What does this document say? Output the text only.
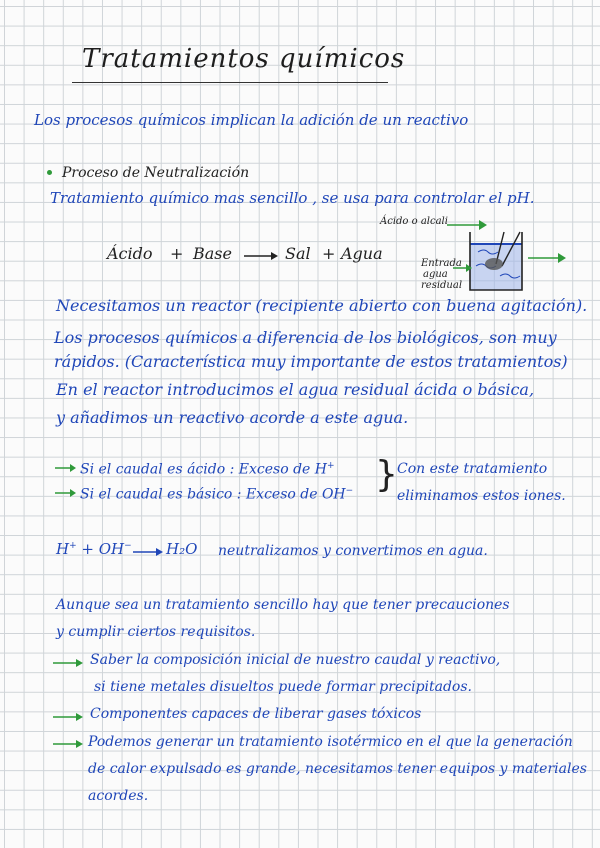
Tratamientos químicos
Los procesos químicos implican la adición de un reactivo
Proceso de Neutralización
Tratamiento químico mas sencillo , se usa para controlar el pH.
Ácido + Base	Sal + Agua
Ácido o alcali
Entrada
agua
residual
Necesitamos un reactor (recipiente abierto con buena agitación).
Los procesos químicos a diferencia de los biológicos, son muy
rápidos. (Característica muy importante de estos tratamientos)
En el reactor introducimos el agua residual ácida o básica,
y añadimos un reactivo acorde a este agua.
Si el caudal es ácido : Exceso de H+
Si el caudal es básico : Exceso de OH− } Con este tratamiento
eliminamos estos iones.
H+ + OH− → H₂O neutralizamos y convertimos en agua.
Aunque sea un tratamiento sencillo hay que tener precauciones
y cumplir ciertos requisitos.
Saber la composición inicial de nuestro caudal y reactivo,
si tiene metales disueltos puede formar precipitados.
Componentes capaces de liberar gases tóxicos
Podemos generar un tratamiento isotérmico en el que la generación
de calor expulsado es grande, necesitamos tener equipos y materiales
acordes.
